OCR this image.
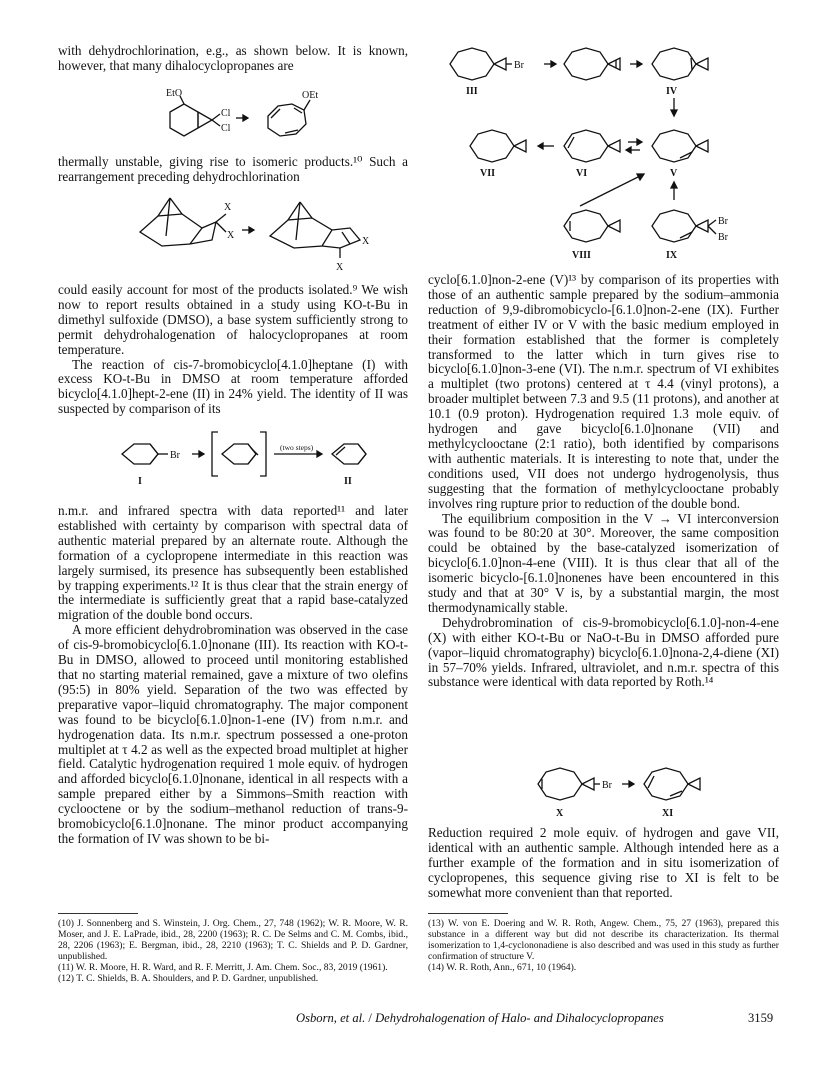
with dehydrochlorination, e.g., as shown below. It is known, however, that many dihalocyclopropanes are

EtO
Cl
Cl
OEt

thermally unstable, giving rise to isomeric products.¹⁰ Such a rearrangement preceding dehydrochlorination

X
X
X
X

could easily account for most of the products isolated.⁹ We wish now to report results obtained in a study using KO-t-Bu in dimethyl sulfoxide (DMSO), a base system sufficiently strong to permit dehydrohalogenation of halocyclopropanes at room temperature.

The reaction of cis-7-bromobicyclo[4.1.0]heptane (I) with excess KO-t-Bu in DMSO at room temperature afforded bicyclo[4.1.0]hept-2-ene (II) in 24% yield. The identity of II was suspected by comparison of its

Br
(two steps)
I	II

n.m.r. and infrared spectra with data reported¹¹ and later established with certainty by comparison with spectral data of authentic material prepared by an alternate route. Although the formation of a cyclopropene intermediate in this reaction was largely surmised, its presence has subsequently been established by trapping experiments.¹² It is thus clear that the strain energy of the intermediate is sufficiently great that a rapid base-catalyzed migration of the double bond occurs.

A more efficient dehydrobromination was observed in the case of cis-9-bromobicyclo[6.1.0]nonane (III). Its reaction with KO-t-Bu in DMSO, allowed to proceed until monitoring established that no starting material remained, gave a mixture of two olefins (95:5) in 80% yield. Separation of the two was effected by preparative vapor–liquid chromatography. The major component was found to be bicyclo[6.1.0]non-1-ene (IV) from n.m.r. and hydrogenation data. Its n.m.r. spectrum possessed a one-proton multiplet at τ 4.2 as well as the expected broad multiplet at higher field. Catalytic hydrogenation required 1 mole equiv. of hydrogen and afforded bicyclo[6.1.0]nonane, identical in all respects with a sample prepared either by a Simmons–Smith reaction with cyclooctene or by the sodium–methanol reduction of trans-9-bromobicyclo[6.1.0]nonane. The minor product accompanying the formation of IV was shown to be bi-

(10) J. Sonnenberg and S. Winstein, J. Org. Chem., 27, 748 (1962); W. R. Moore, W. R. Moser, and J. E. LaPrade, ibid., 28, 2200 (1963); R. C. De Selms and C. M. Combs, ibid., 28, 2206 (1963); E. Bergman, ibid., 28, 2210 (1963); T. C. Shields and P. D. Gardner, unpublished.

(11) W. R. Moore, H. R. Ward, and R. F. Merritt, J. Am. Chem. Soc., 83, 2019 (1961).

(12) T. C. Shields, B. A. Shoulders, and P. D. Gardner, unpublished.

Br
III	IV
VII	VI	V
VIII	IX
Br
Br

cyclo[6.1.0]non-2-ene (V)¹³ by comparison of its properties with those of an authentic sample prepared by the sodium–ammonia reduction of 9,9-dibromobicyclo-[6.1.0]non-2-ene (IX). Further treatment of either IV or V with the basic medium employed in their formation established that the former is completely transformed to the latter which in turn gives rise to bicyclo[6.1.0]non-3-ene (VI). The n.m.r. spectrum of VI exhibites a multiplet (two protons) centered at τ 4.4 (vinyl protons), a broader multiplet between 7.3 and 9.5 (11 protons), and another at 10.1 (0.9 proton). Hydrogenation required 1.3 mole equiv. of hydrogen and gave bicyclo[6.1.0]nonane (VII) and methylcyclooctane (2:1 ratio), both identified by comparisons with authentic materials. It is interesting to note that, under the conditions used, VII does not undergo hydrogenolysis, thus suggesting that the formation of methylcyclooctane probably involves ring rupture prior to reduction of the double bond.

The equilibrium composition in the V → VI interconversion was found to be 80:20 at 30°. Moreover, the same composition could be obtained by the base-catalyzed isomerization of bicyclo[6.1.0]non-4-ene (VIII). It is thus clear that all of the isomeric bicyclo-[6.1.0]nonenes have been encountered in this study and that at 30° V is, by a substantial margin, the most thermodynamically stable.

Dehydrobromination of cis-9-bromobicyclo[6.1.0]-non-4-ene (X) with either KO-t-Bu or NaO-t-Bu in DMSO afforded pure (vapor–liquid chromatography) bicyclo[6.1.0]nona-2,4-diene (XI) in 57–70% yields. Infrared, ultraviolet, and n.m.r. spectra of this substance were identical with data reported by Roth.¹⁴

Br
X	XI

Reduction required 2 mole equiv. of hydrogen and gave VII, identical with an authentic sample. Although intended here as a further example of the formation and in situ isomerization of cyclopropenes, this sequence giving rise to XI is felt to be somewhat more convenient than that reported.

(13) W. von E. Doering and W. R. Roth, Angew. Chem., 75, 27 (1963), prepared this substance in a different way but did not describe its characterization. Its thermal isomerization to 1,4-cyclononadiene is also described and was used in this study as further confirmation of structure V.

(14) W. R. Roth, Ann., 671, 10 (1964).

Osborn, et al. / Dehydrohalogenation of Halo- and Dihalocyclopropanes	3159
